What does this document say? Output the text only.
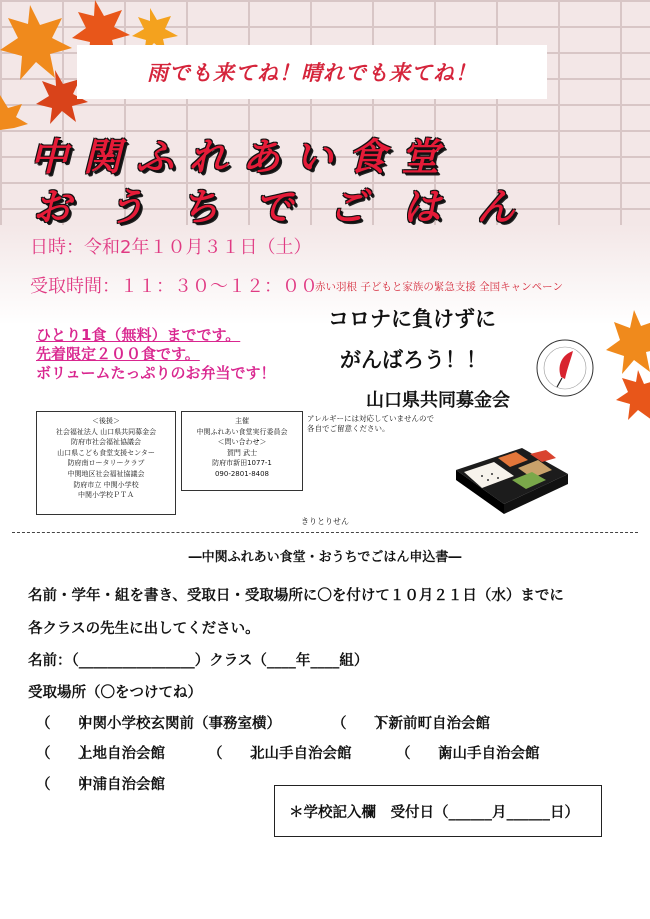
雨でも来てね！晴れでも来てね！
中関ふれあい食堂
おうちでごはん
日時：令和2年１０月３１日（土）
受取時間：１１：３０〜１２：００
ひとり1食（無料）までです。
先着限定２００食です。
ボリュームたっぷりのお弁当です！
赤い羽根 子どもと家族の緊急支援 全国キャンペーン
コロナに負けずに
がんばろう！！
山口県共同募金会
＜後援＞
社会福祉法人 山口県共同募金会
防府市社会福祉協議会
山口県こども食堂支援センター
防府南ロータリークラブ
中関地区社会福祉協議会
防府市立 中関小学校
中関小学校ＰＴＡ
主催
中関ふれあい食堂実行委員会
＜問い合わせ＞
賀門 武士
防府市新田1077-1
090-2801-8408
アレルギーには対応していませんので
各自でご留意ください。
きりとりせん
―中関ふれあい食堂・おうちでごはん申込書―
名前・学年・組を書き、受取日・受取場所に〇を付けて１０月２１日（水）までに
各クラスの先生に出してください。
名前：（________________）クラス（____年____組）
受取場所（〇をつけてね）
（　　）中関小学校玄関前（事務室横）	（　　）下新前町自治会館
（　　）上地自治会館	（　　）北山手自治会館	（　　）南山手自治会館
（　　）中浦自治会館
＊学校記入欄　受付日（______月______日）
